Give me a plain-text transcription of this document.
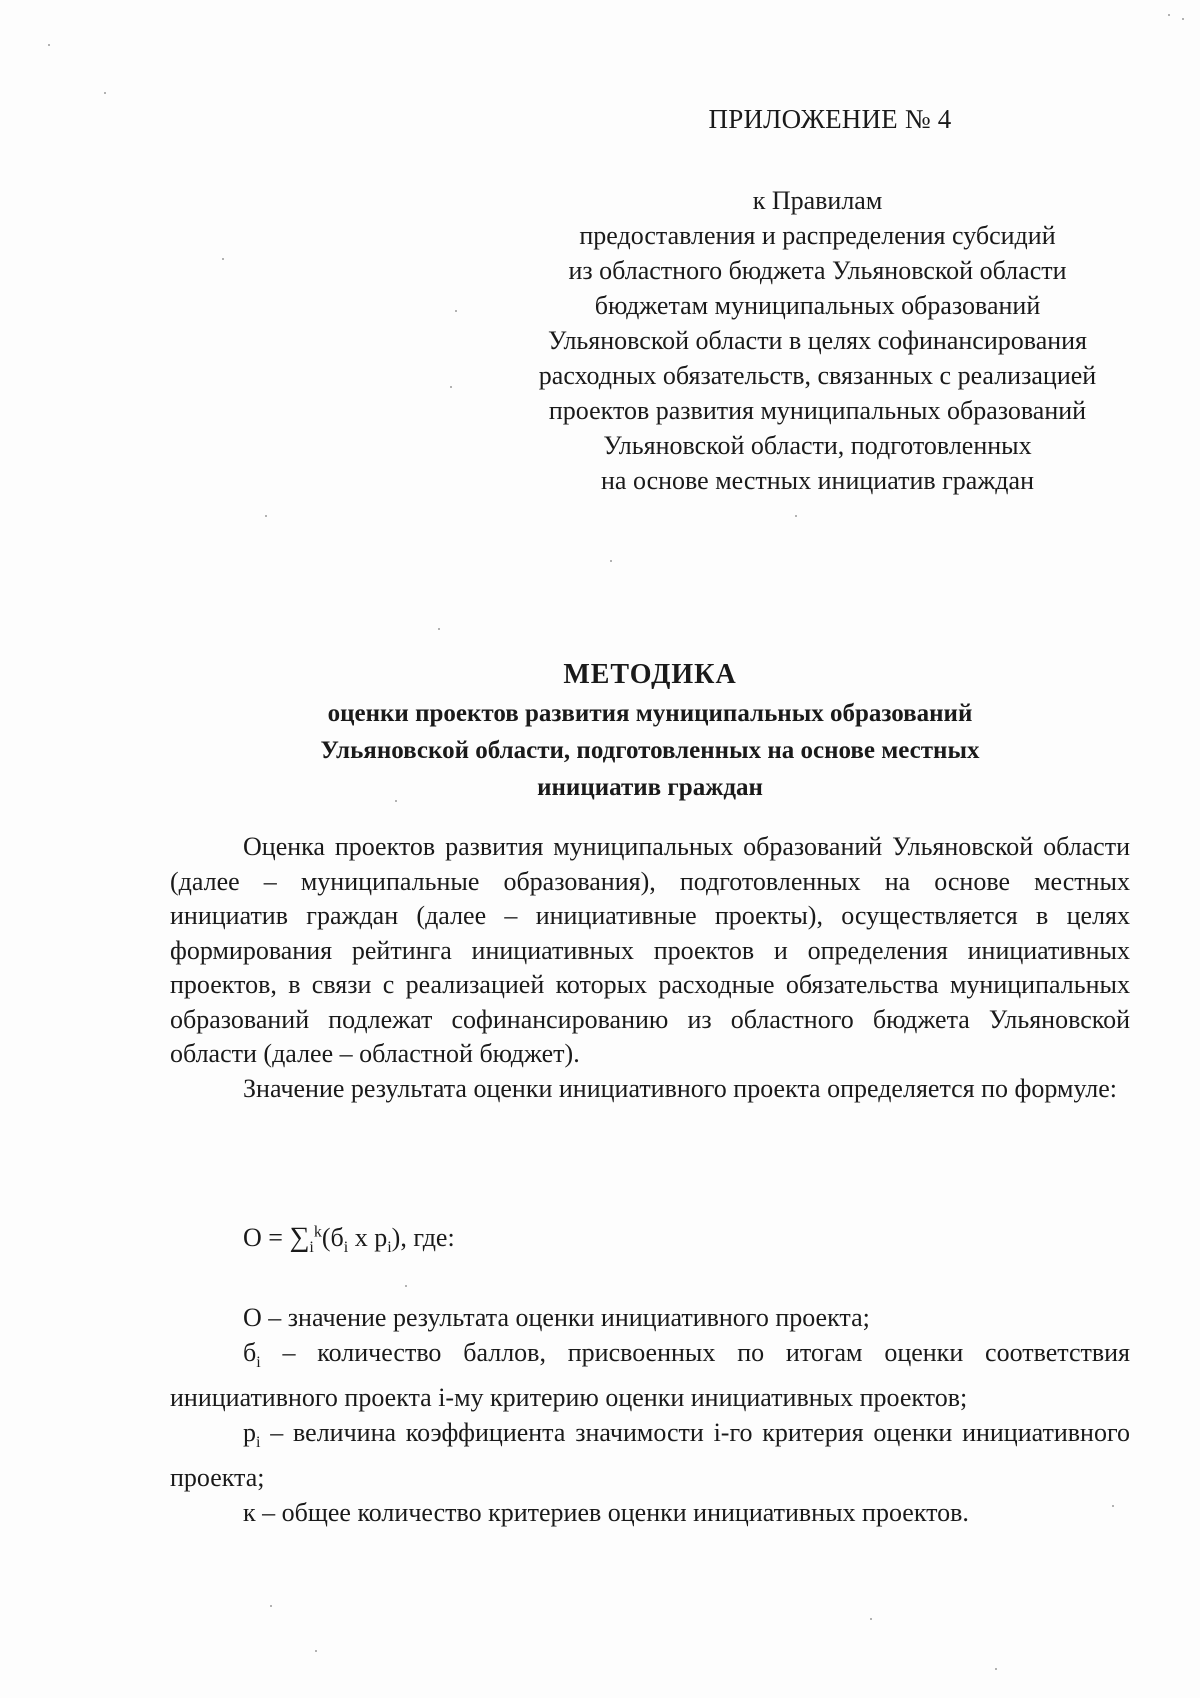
ПРИЛОЖЕНИЕ № 4
к Правилам
предоставления и распределения субсидий
из областного бюджета Ульяновской области
бюджетам муниципальных образований
Ульяновской области в целях софинансирования
расходных обязательств, связанных с реализацией
проектов развития муниципальных образований
Ульяновской области, подготовленных
на основе местных инициатив граждан
МЕТОДИКА
оценки проектов развития муниципальных образований
Ульяновской области, подготовленных на основе местных
инициатив граждан

Оценка проектов развития муниципальных образований Ульяновской области (далее – муниципальные образования), подготовленных на основе местных инициатив граждан (далее – инициативные проекты), осуществляется в целях формирования рейтинга инициативных проектов и определения инициативных проектов, в связи с реализацией которых расходные обязательства муниципальных образований подлежат софинансированию из областного бюджета Ульяновской области (далее – областной бюджет).

Значение результата оценки инициативного проекта определяется по формуле:

$О = \sum_i^k(б_i$ x $p_i$), где:

О – значение результата оценки инициативного проекта;

$б_i$ – количество баллов, присвоенных по итогам оценки соответствия инициативного проекта i-му критерию оценки инициативных проектов;

$p_i$ – величина коэффициента значимости i-го критерия оценки инициативного проекта;

к – общее количество критериев оценки инициативных проектов.
